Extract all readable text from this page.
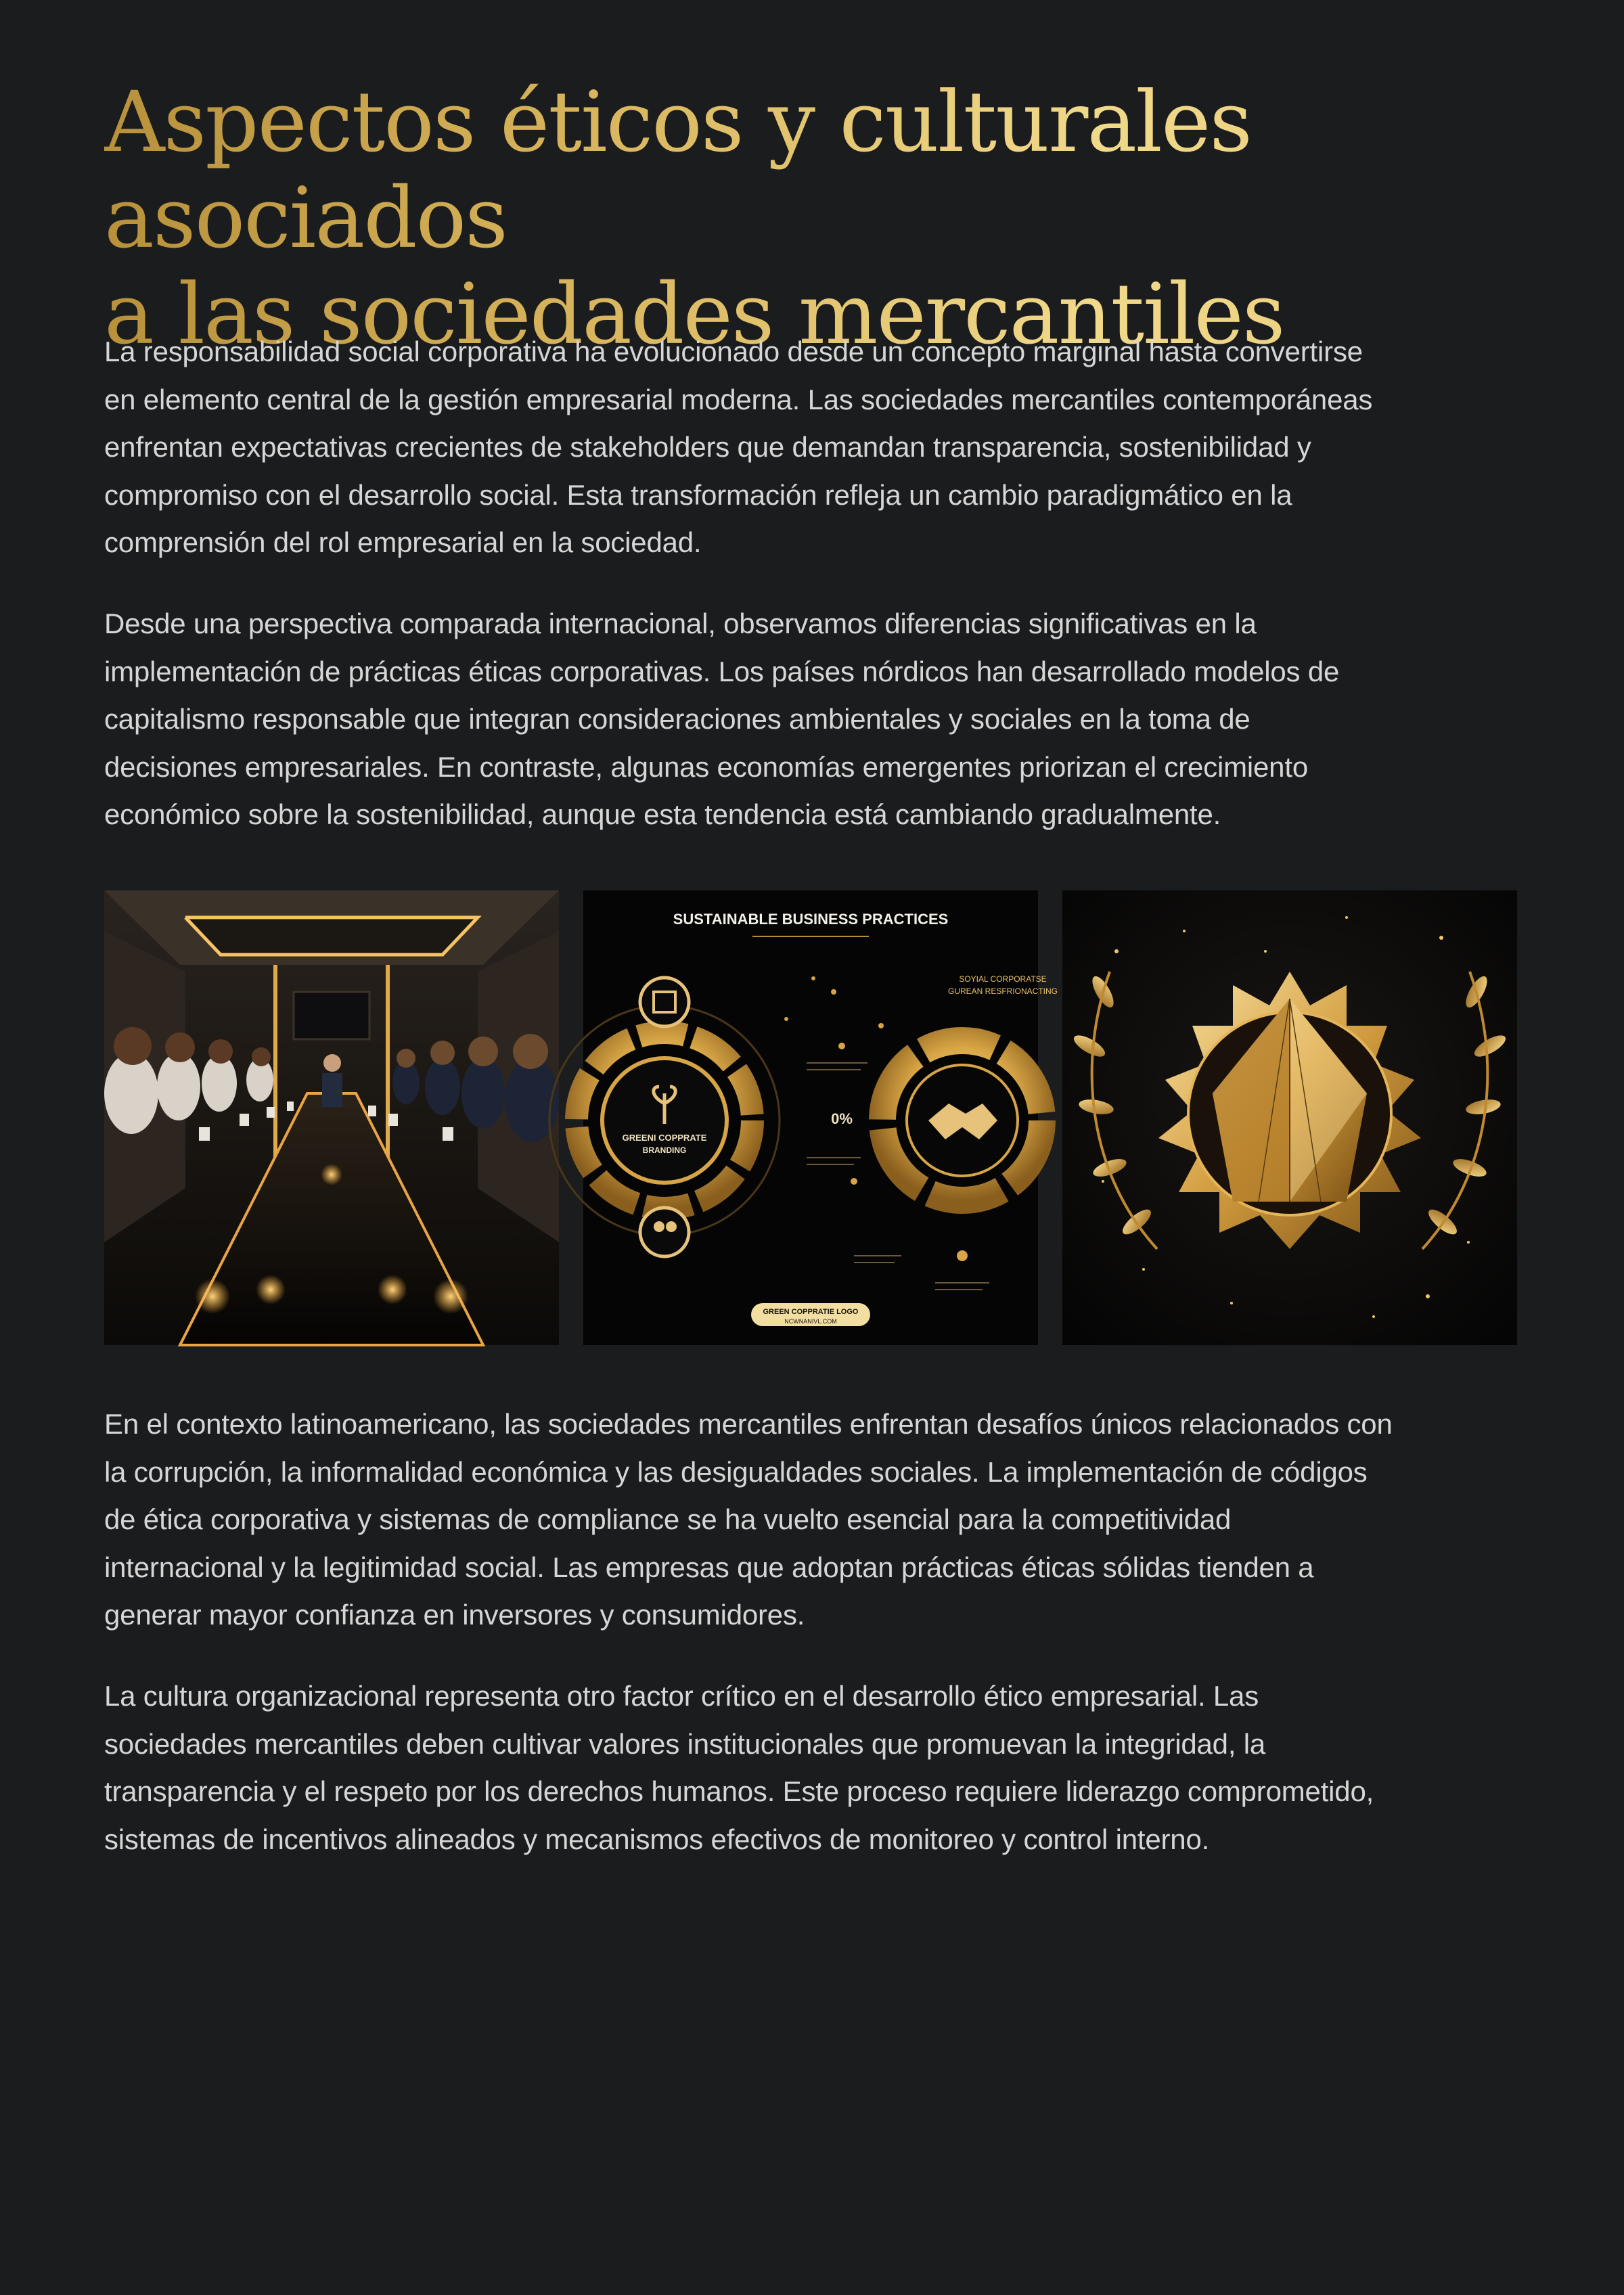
Aspectos éticos y culturales asociados
a las sociedades mercantiles

La responsabilidad social corporativa ha evolucionado desde un concepto marginal hasta convertirse
en elemento central de la gestión empresarial moderna. Las sociedades mercantiles contemporáneas
enfrentan expectativas crecientes de stakeholders que demandan transparencia, sostenibilidad y
compromiso con el desarrollo social. Esta transformación refleja un cambio paradigmático en la
comprensión del rol empresarial en la sociedad.

Desde una perspectiva comparada internacional, observamos diferencias significativas en la
implementación de prácticas éticas corporativas. Los países nórdicos han desarrollado modelos de
capitalismo responsable que integran consideraciones ambientales y sociales en la toma de
decisiones empresariales. En contraste, algunas economías emergentes priorizan el crecimiento
económico sobre la sostenibilidad, aunque esta tendencia está cambiando gradualmente.

SUSTAINABLE BUSINESS PRACTICES
GREENI COPPRATE
BRANDING
SOYIAL CORPORATSE
GUREAN RESFRIONACTING
0%
GREEN COPPRATIE LOGO
NCWNANIVL.COM

En el contexto latinoamericano, las sociedades mercantiles enfrentan desafíos únicos relacionados con
la corrupción, la informalidad económica y las desigualdades sociales. La implementación de códigos
de ética corporativa y sistemas de compliance se ha vuelto esencial para la competitividad
internacional y la legitimidad social. Las empresas que adoptan prácticas éticas sólidas tienden a
generar mayor confianza en inversores y consumidores.

La cultura organizacional representa otro factor crítico en el desarrollo ético empresarial. Las
sociedades mercantiles deben cultivar valores institucionales que promuevan la integridad, la
transparencia y el respeto por los derechos humanos. Este proceso requiere liderazgo comprometido,
sistemas de incentivos alineados y mecanismos efectivos de monitoreo y control interno.
